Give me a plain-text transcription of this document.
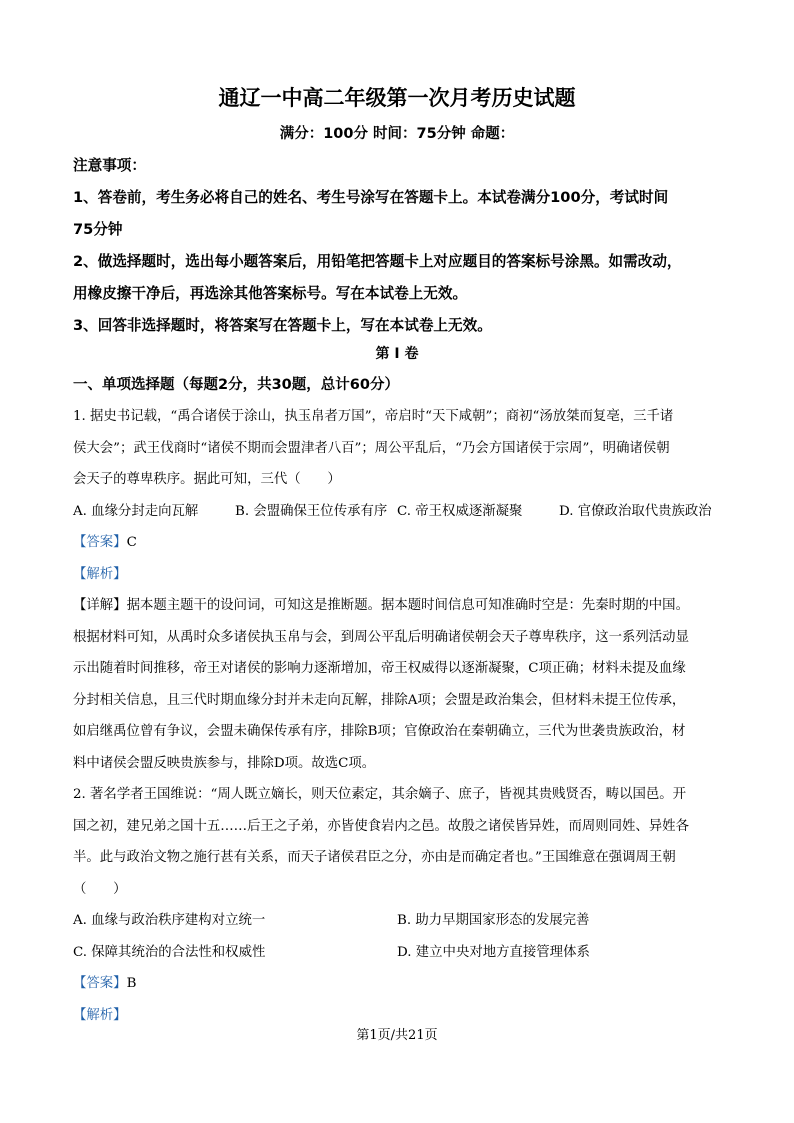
通辽一中高二年级第一次月考历史试题
满分：100分 时间：75分钟 命题：
注意事项：
1、答卷前，考生务必将自己的姓名、考生号涂写在答题卡上。本试卷满分100分，考试时间
75分钟
2、做选择题时，选出每小题答案后，用铅笔把答题卡上对应题目的答案标号涂黑。如需改动，
用橡皮擦干净后，再选涂其他答案标号。写在本试卷上无效。
3、回答非选择题时，将答案写在答题卡上，写在本试卷上无效。
第 I 卷
一、单项选择题（每题2分，共30题，总计60分）
1. 据史书记载，“禹合诸侯于涂山，执玉帛者万国”，帝启时“天下咸朝”；商初“汤放桀而复亳，三千诸
侯大会”；武王伐商时“诸侯不期而会盟津者八百”；周公平乱后，“乃会方国诸侯于宗周”，明确诸侯朝
会天子的尊卑秩序。据此可知，三代（　　）
A. 血缘分封走向瓦解	B. 会盟确保王位传承有序 C. 帝王权威逐渐凝聚	D. 官僚政治取代贵族政治
【答案】C
【解析】
【详解】据本题主题干的设问词，可知这是推断题。据本题时间信息可知准确时空是：先秦时期的中国。
根据材料可知，从禹时众多诸侯执玉帛与会，到周公平乱后明确诸侯朝会天子尊卑秩序，这一系列活动显
示出随着时间推移，帝王对诸侯的影响力逐渐增加，帝王权威得以逐渐凝聚，C项正确；材料未提及血缘
分封相关信息，且三代时期血缘分封并未走向瓦解，排除A项；会盟是政治集会，但材料未提王位传承，
如启继禹位曾有争议，会盟未确保传承有序，排除B项；官僚政治在秦朝确立，三代为世袭贵族政治，材
料中诸侯会盟反映贵族参与，排除D项。故选C项。
2. 著名学者王国维说：“周人既立嫡长，则天位素定，其余嫡子、庶子，皆视其贵贱贤否，畴以国邑。开
国之初，建兄弟之国十五……后王之子弟，亦皆使食岩内之邑。故殷之诸侯皆异姓，而周则同姓、异姓各
半。此与政治文物之施行甚有关系，而天子诸侯君臣之分，亦由是而确定者也。”王国维意在强调周王朝
（　　）
A. 血缘与政治秩序建构对立统一	B. 助力早期国家形态的发展完善
C. 保障其统治的合法性和权威性	D. 建立中央对地方直接管理体系
【答案】B
【解析】
第1页/共21页
